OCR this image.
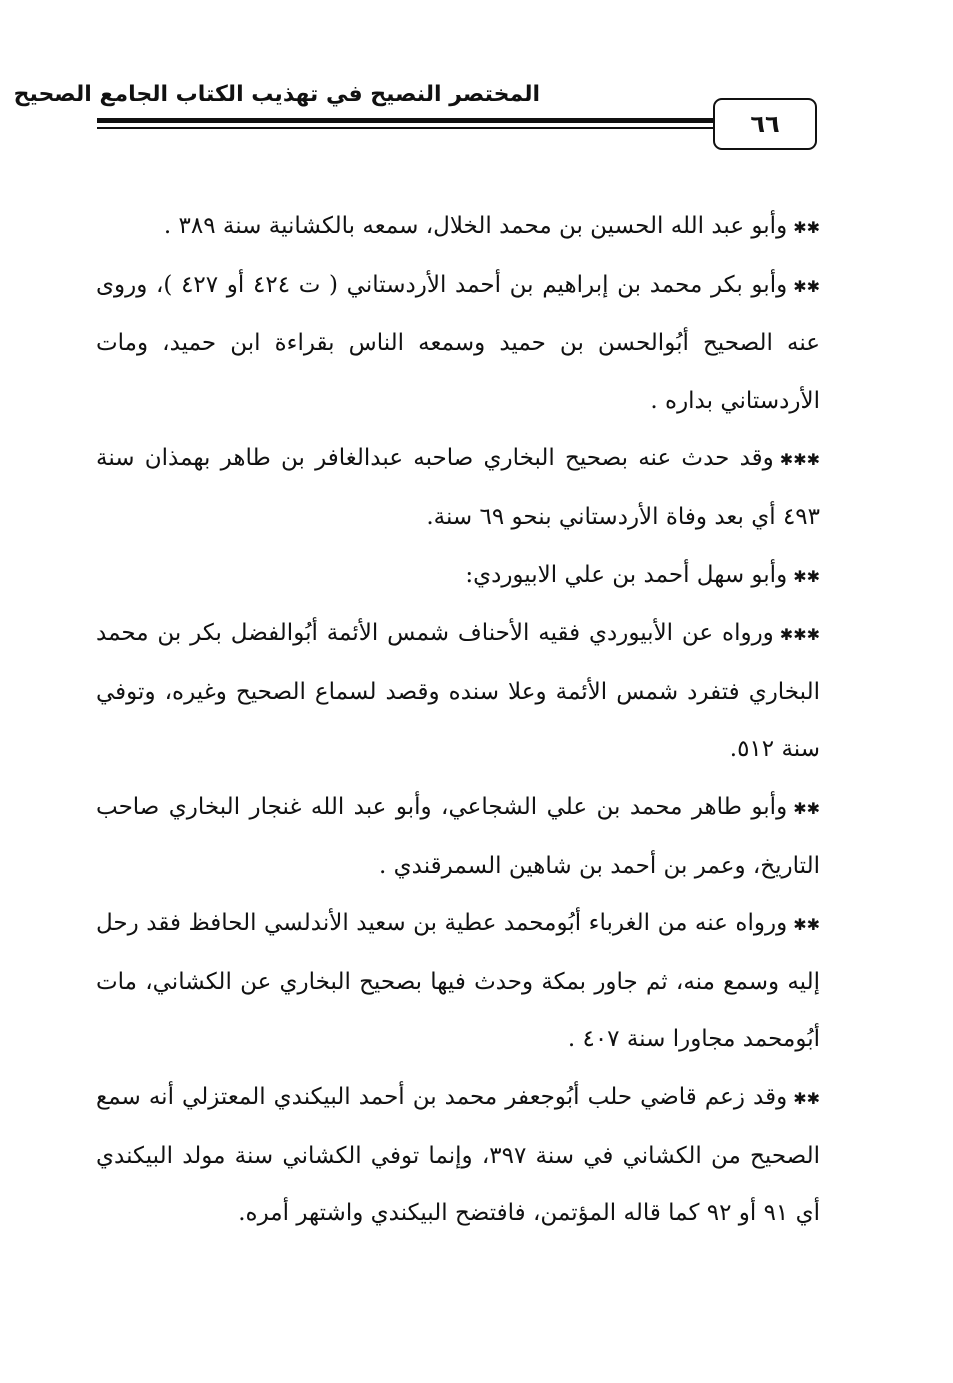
المختصر النصيح في تهذيب الكتاب الجامع الصحيح
٦٦

✱✱وأبو عبد الله الحسين بن محمد الخلال، سمعه بالكشانية سنة ٣٨٩ .

✱✱وأبو بكر محمد بن إبراهيم بن أحمد الأردستاني ( ت ٤٢٤ أو ٤٢٧ )، وروى عنه الصحيح أبُوالحسن بن حميد وسمعه الناس بقراءة ابن حميد، ومات الأردستاني بداره .

✱✱✱وقد حدث عنه بصحيح البخاري صاحبه عبدالغافر بن طاهر بهمذان سنة ٤٩٣ أي بعد وفاة الأردستاني بنحو ٦٩ سنة.

✱✱وأبو سهل أحمد بن علي الابيوردي:

✱✱✱ورواه عن الأبيوردي فقيه الأحناف شمس الأئمة أبُوالفضل بكر بن محمد البخاري فتفرد شمس الأئمة وعلا سنده وقصد لسماع الصحيح وغيره، وتوفي سنة ٥١٢.

✱✱وأبو طاهر محمد بن علي الشجاعي، وأبو عبد الله غنجار البخاري صاحب التاريخ، وعمر بن أحمد بن شاهين السمرقندي .

✱✱ورواه عنه من الغرباء أبُومحمد عطية بن سعيد الأندلسي الحافظ فقد رحل إليه وسمع منه، ثم جاور بمكة وحدث فيها بصحيح البخاري عن الكشاني، مات أبُومحمد مجاورا سنة ٤٠٧ .

✱✱وقد زعم قاضي حلب أبُوجعفر محمد بن أحمد البيكندي المعتزلي أنه سمع الصحيح من الكشاني في سنة ٣٩٧، وإنما توفي الكشاني سنة مولد البيكندي أي ٩١ أو ٩٢ كما قاله المؤتمن، فافتضح البيكندي واشتهر أمره.
